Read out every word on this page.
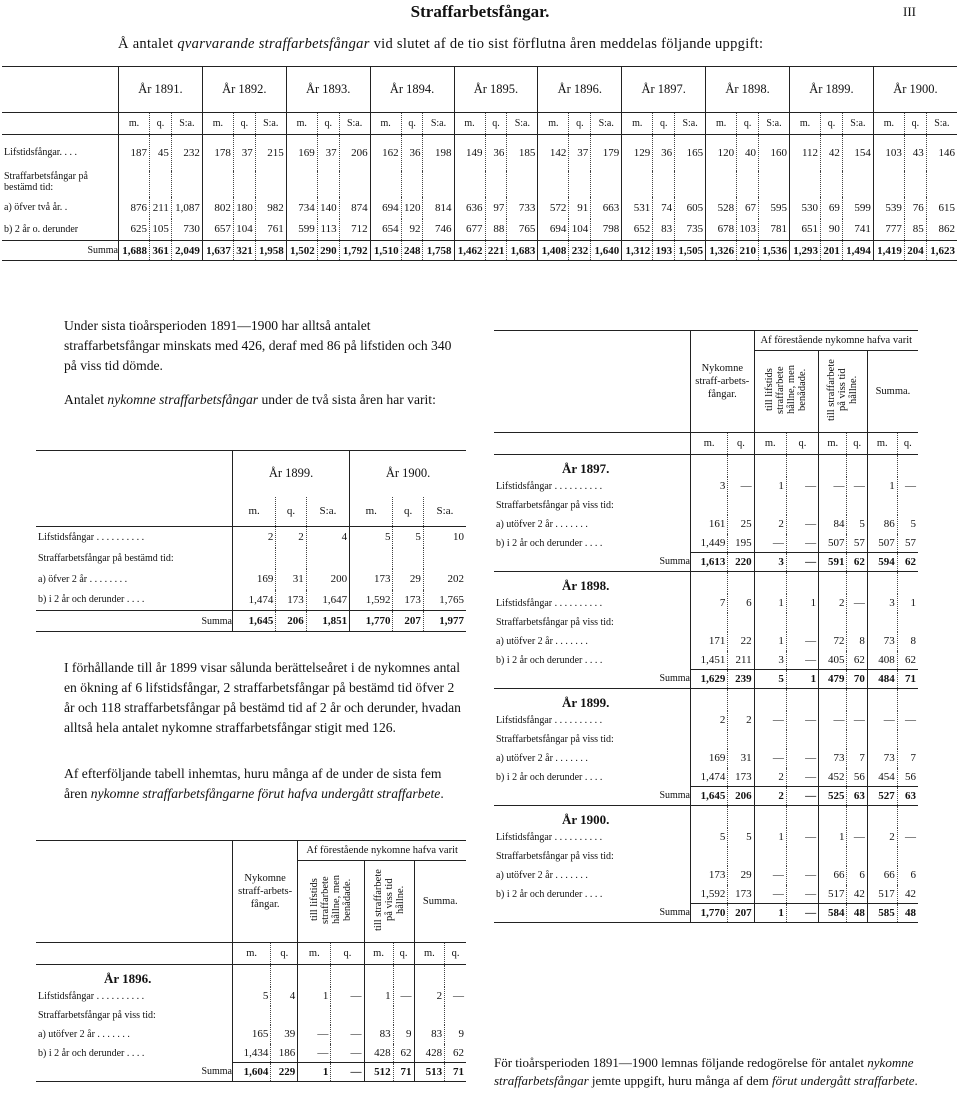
Straffarbetsfångar.	III
Å antalet qvarvarande straffarbetsfångar vid slutet af de tio sist förflutna åren meddelas följande uppgift:
	År 1891.			År 1892.			År 1893.			År 1894.			År 1895.			År 1896.			År 1897.			År 1898.			År 1899.			År 1900.		
	m.	q.	S:a.	m.	q.	S:a.	m.	q.	S:a.	m.	q.	S:a.	m.	q.	S:a.	m.	q.	S:a.	m.	q.	S:a.	m.	q.	S:a.	m.	q.	S:a.	m.	q.	S:a.
Lifstidsfångar. . . .	187	45	232	178	37	215	169	37	206	162	36	198	149	36	185	142	37	179	129	36	165	120	40	160	112	42	154	103	43	146
Straffarbetsfångar på bestämd tid:																														
a) öfver två år. .	876	211	1,087	802	180	982	734	140	874	694	120	814	636	97	733	572	91	663	531	74	605	528	67	595	530	69	599	539	76	615
b) 2 år o. derunder	625	105	730	657	104	761	599	113	712	654	92	746	677	88	765	694	104	798	652	83	735	678	103	781	651	90	741	777	85	862
Summa	1,688	361	2,049	1,637	321	1,958	1,502	290	1,792	1,510	248	1,758	1,462	221	1,683	1,408	232	1,640	1,312	193	1,505	1,326	210	1,536	1,293	201	1,494	1,419	204	1,623
Under sista tioårsperioden 1891—1900 har alltså antalet straffarbetsfångar minskats med 426, deraf med 86 på lifstiden och 340 på viss tid dömde.
Antalet nykomne straffarbetsfångar under de två sista åren har varit:
	År 1899.			År 1900.		
	m.	q.	S:a.	m.	q.	S:a.
Lifstidsfångar . . . . . . . . . .	2	2	4	5	5	10
Straffarbetsfångar på bestämd tid:						
a) öfver 2 år . . . . . . . .	169	31	200	173	29	202
b) i 2 år och derunder . . . .	1,474	173	1,647	1,592	173	1,765
Summa	1,645	206	1,851	1,770	207	1,977
I förhållande till år 1899 visar sålunda berättelseåret i de nykomnes antal en ökning af 6 lifstidsfångar, 2 straffarbetsfångar på bestämd tid öfver 2 år och 118 straffarbetsfångar på bestämd tid af 2 år och derunder, hvadan alltså hela antalet nykomne straffarbetsfångar stigit med 126.
Af efterföljande tabell inhemtas, huru många af de under de sista fem åren nykomne straffarbetsfångarne förut hafva undergått straffarbete.
	Nykomne straff-arbets-fångar.		Af förestående nykomne hafva varit					
			till lifstids straffarbete hållne, men benådade.		till straffarbete på viss tid hållne.		Summa.	
	m.	q.	m.	q.	m.	q.	m.	q.
År 1896.								
Lifstidsfångar . . . . . . . . . .	5	4	1	—	1	—	2	—
Straffarbetsfångar på viss tid:								
a) utöfver 2 år . . . . . . .	165	39	—	—	83	9	83	9
b) i 2 år och derunder . . . .	1,434	186	—	—	428	62	428	62
Summa	1,604	229	1	—	512	71	513	71
	Nykomne straff-arbets-fångar.		Af förestående nykomne hafva varit					
			till lifstids straffarbete hållne, men benådade.		till straffarbete på viss tid hållne.		Summa.	
	m.	q.	m.	q.	m.	q.	m.	q.
År 1897.								
Lifstidsfångar . . . . . . . . . .	3	—	1	—	—	—	1	—
Straffarbetsfångar på viss tid:								
a) utöfver 2 år . . . . . . .	161	25	2	—	84	5	86	5
b) i 2 år och derunder . . . .	1,449	195	—	—	507	57	507	57
Summa	1,613	220	3	—	591	62	594	62
År 1898.								
Lifstidsfångar . . . . . . . . . .	7	6	1	1	2	—	3	1
Straffarbetsfångar på viss tid:								
a) utöfver 2 år . . . . . . .	171	22	1	—	72	8	73	8
b) i 2 år och derunder . . . .	1,451	211	3	—	405	62	408	62
Summa	1,629	239	5	1	479	70	484	71
År 1899.								
Lifstidsfångar . . . . . . . . . .	2	2	—	—	—	—	—	—
Straffarbetsfångar på viss tid:								
a) utöfver 2 år . . . . . . .	169	31	—	—	73	7	73	7
b) i 2 år och derunder . . . .	1,474	173	2	—	452	56	454	56
Summa	1,645	206	2	—	525	63	527	63
År 1900.								
Lifstidsfångar . . . . . . . . . .	5	5	1	—	1	—	2	—
Straffarbetsfångar på viss tid:								
a) utöfver 2 år . . . . . . .	173	29	—	—	66	6	66	6
b) i 2 år och derunder . . . .	1,592	173	—	—	517	42	517	42
Summa	1,770	207	1	—	584	48	585	48
För tioårsperioden 1891—1900 lemnas följande redogörelse för antalet nykomne straffarbetsfångar jemte uppgift, huru många af dem förut undergått straffarbete.
